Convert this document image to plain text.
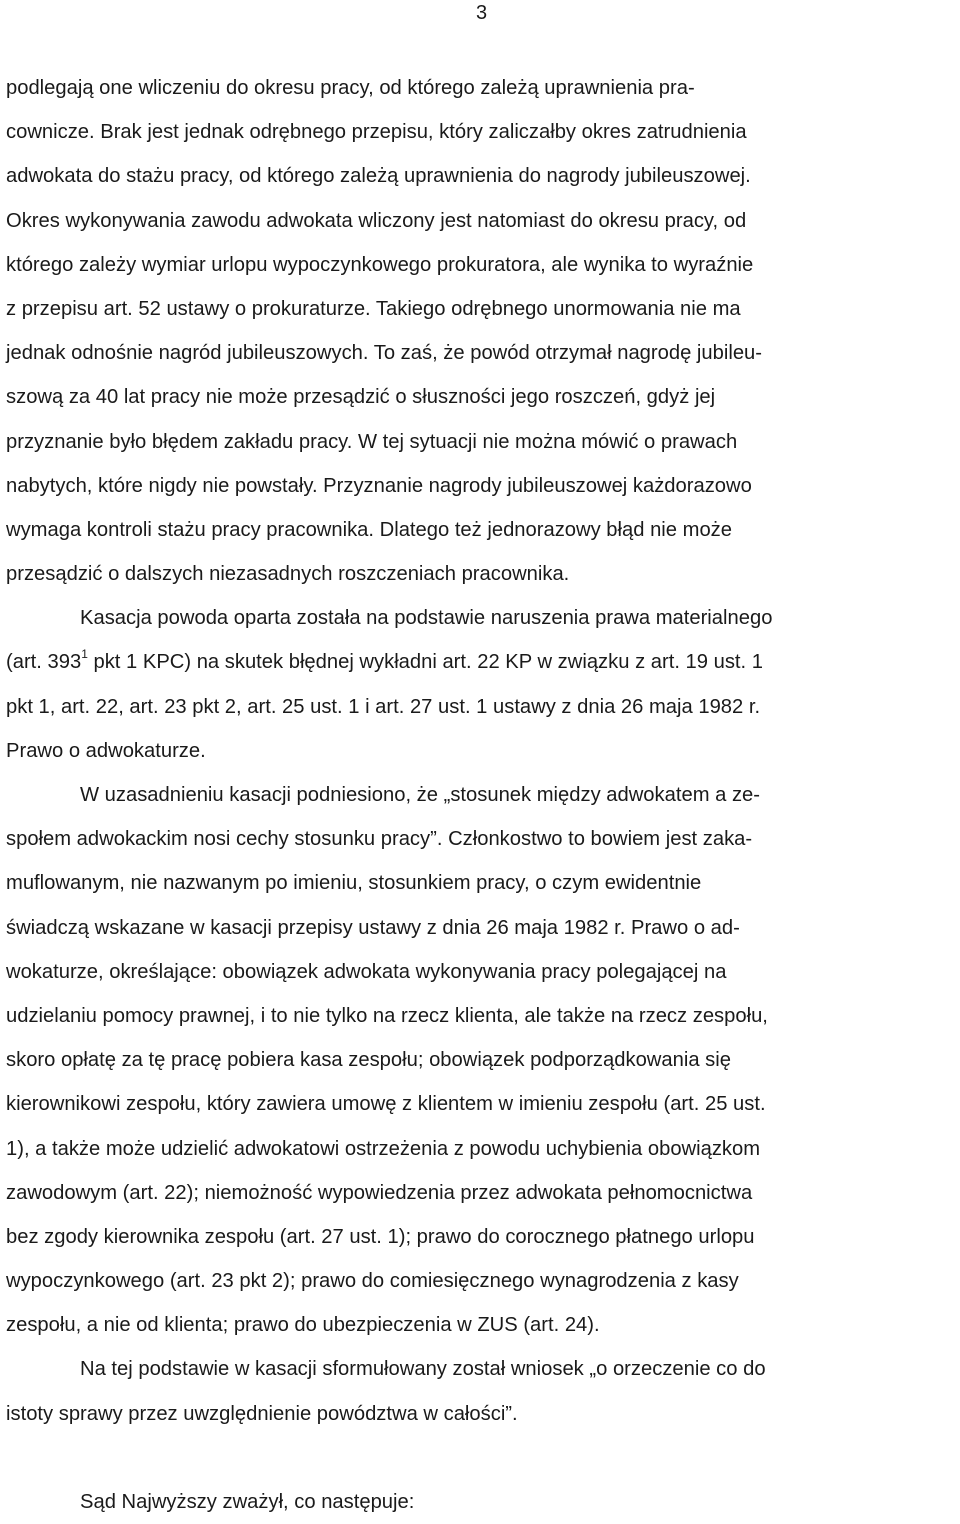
3
podlegają one wliczeniu do okresu pracy, od którego zależą uprawnienia pra-
cownicze. Brak jest jednak odrębnego przepisu, który zaliczałby okres zatrudnienia
adwokata do stażu pracy, od którego zależą uprawnienia do nagrody jubileuszowej.
Okres wykonywania zawodu adwokata wliczony jest natomiast do okresu pracy, od
którego zależy wymiar urlopu wypoczynkowego prokuratora, ale wynika to wyraźnie
z przepisu art. 52 ustawy o prokuraturze. Takiego odrębnego unormowania nie ma
jednak odnośnie nagród jubileuszowych. To zaś, że powód otrzymał nagrodę jubileu-
szową za 40 lat pracy nie może przesądzić o słuszności jego roszczeń, gdyż jej
przyznanie było błędem zakładu pracy. W tej sytuacji nie można mówić o prawach
nabytych, które nigdy nie powstały. Przyznanie nagrody jubileuszowej każdorazowo
wymaga kontroli stażu pracy pracownika. Dlatego też jednorazowy błąd nie może
przesądzić o dalszych niezasadnych roszczeniach pracownika.
Kasacja powoda oparta została na podstawie naruszenia prawa materialnego
(art. $393^1$ pkt 1 KPC) na skutek błędnej wykładni art. 22 KP w związku z art. 19 ust. 1
pkt 1, art. 22, art. 23 pkt 2, art. 25 ust. 1 i art. 27 ust. 1 ustawy z dnia 26 maja 1982 r.
Prawo o adwokaturze.
W uzasadnieniu kasacji podniesiono, że „stosunek między adwokatem a ze-
społem adwokackim nosi cechy stosunku pracy”. Członkostwo to bowiem jest zaka-
muflowanym, nie nazwanym po imieniu, stosunkiem pracy, o czym ewidentnie
świadczą wskazane w kasacji przepisy ustawy z dnia 26 maja 1982 r. Prawo o ad-
wokaturze, określające: obowiązek adwokata wykonywania pracy polegającej na
udzielaniu pomocy prawnej, i to nie tylko na rzecz klienta, ale także na rzecz zespołu,
skoro opłatę za tę pracę pobiera kasa zespołu; obowiązek podporządkowania się
kierownikowi zespołu, który zawiera umowę z klientem w imieniu zespołu (art. 25 ust.
1), a także może udzielić adwokatowi ostrzeżenia z powodu uchybienia obowiązkom
zawodowym (art. 22); niemożność wypowiedzenia przez adwokata pełnomocnictwa
bez zgody kierownika zespołu (art. 27 ust. 1); prawo do corocznego płatnego urlopu
wypoczynkowego (art. 23 pkt 2); prawo do comiesięcznego wynagrodzenia z kasy
zespołu, a nie od klienta; prawo do ubezpieczenia w ZUS (art. 24).
Na tej podstawie w kasacji sformułowany został wniosek „o orzeczenie co do
istoty sprawy przez uwzględnienie powództwa w całości”.
Sąd Najwyższy zważył, co następuje:
